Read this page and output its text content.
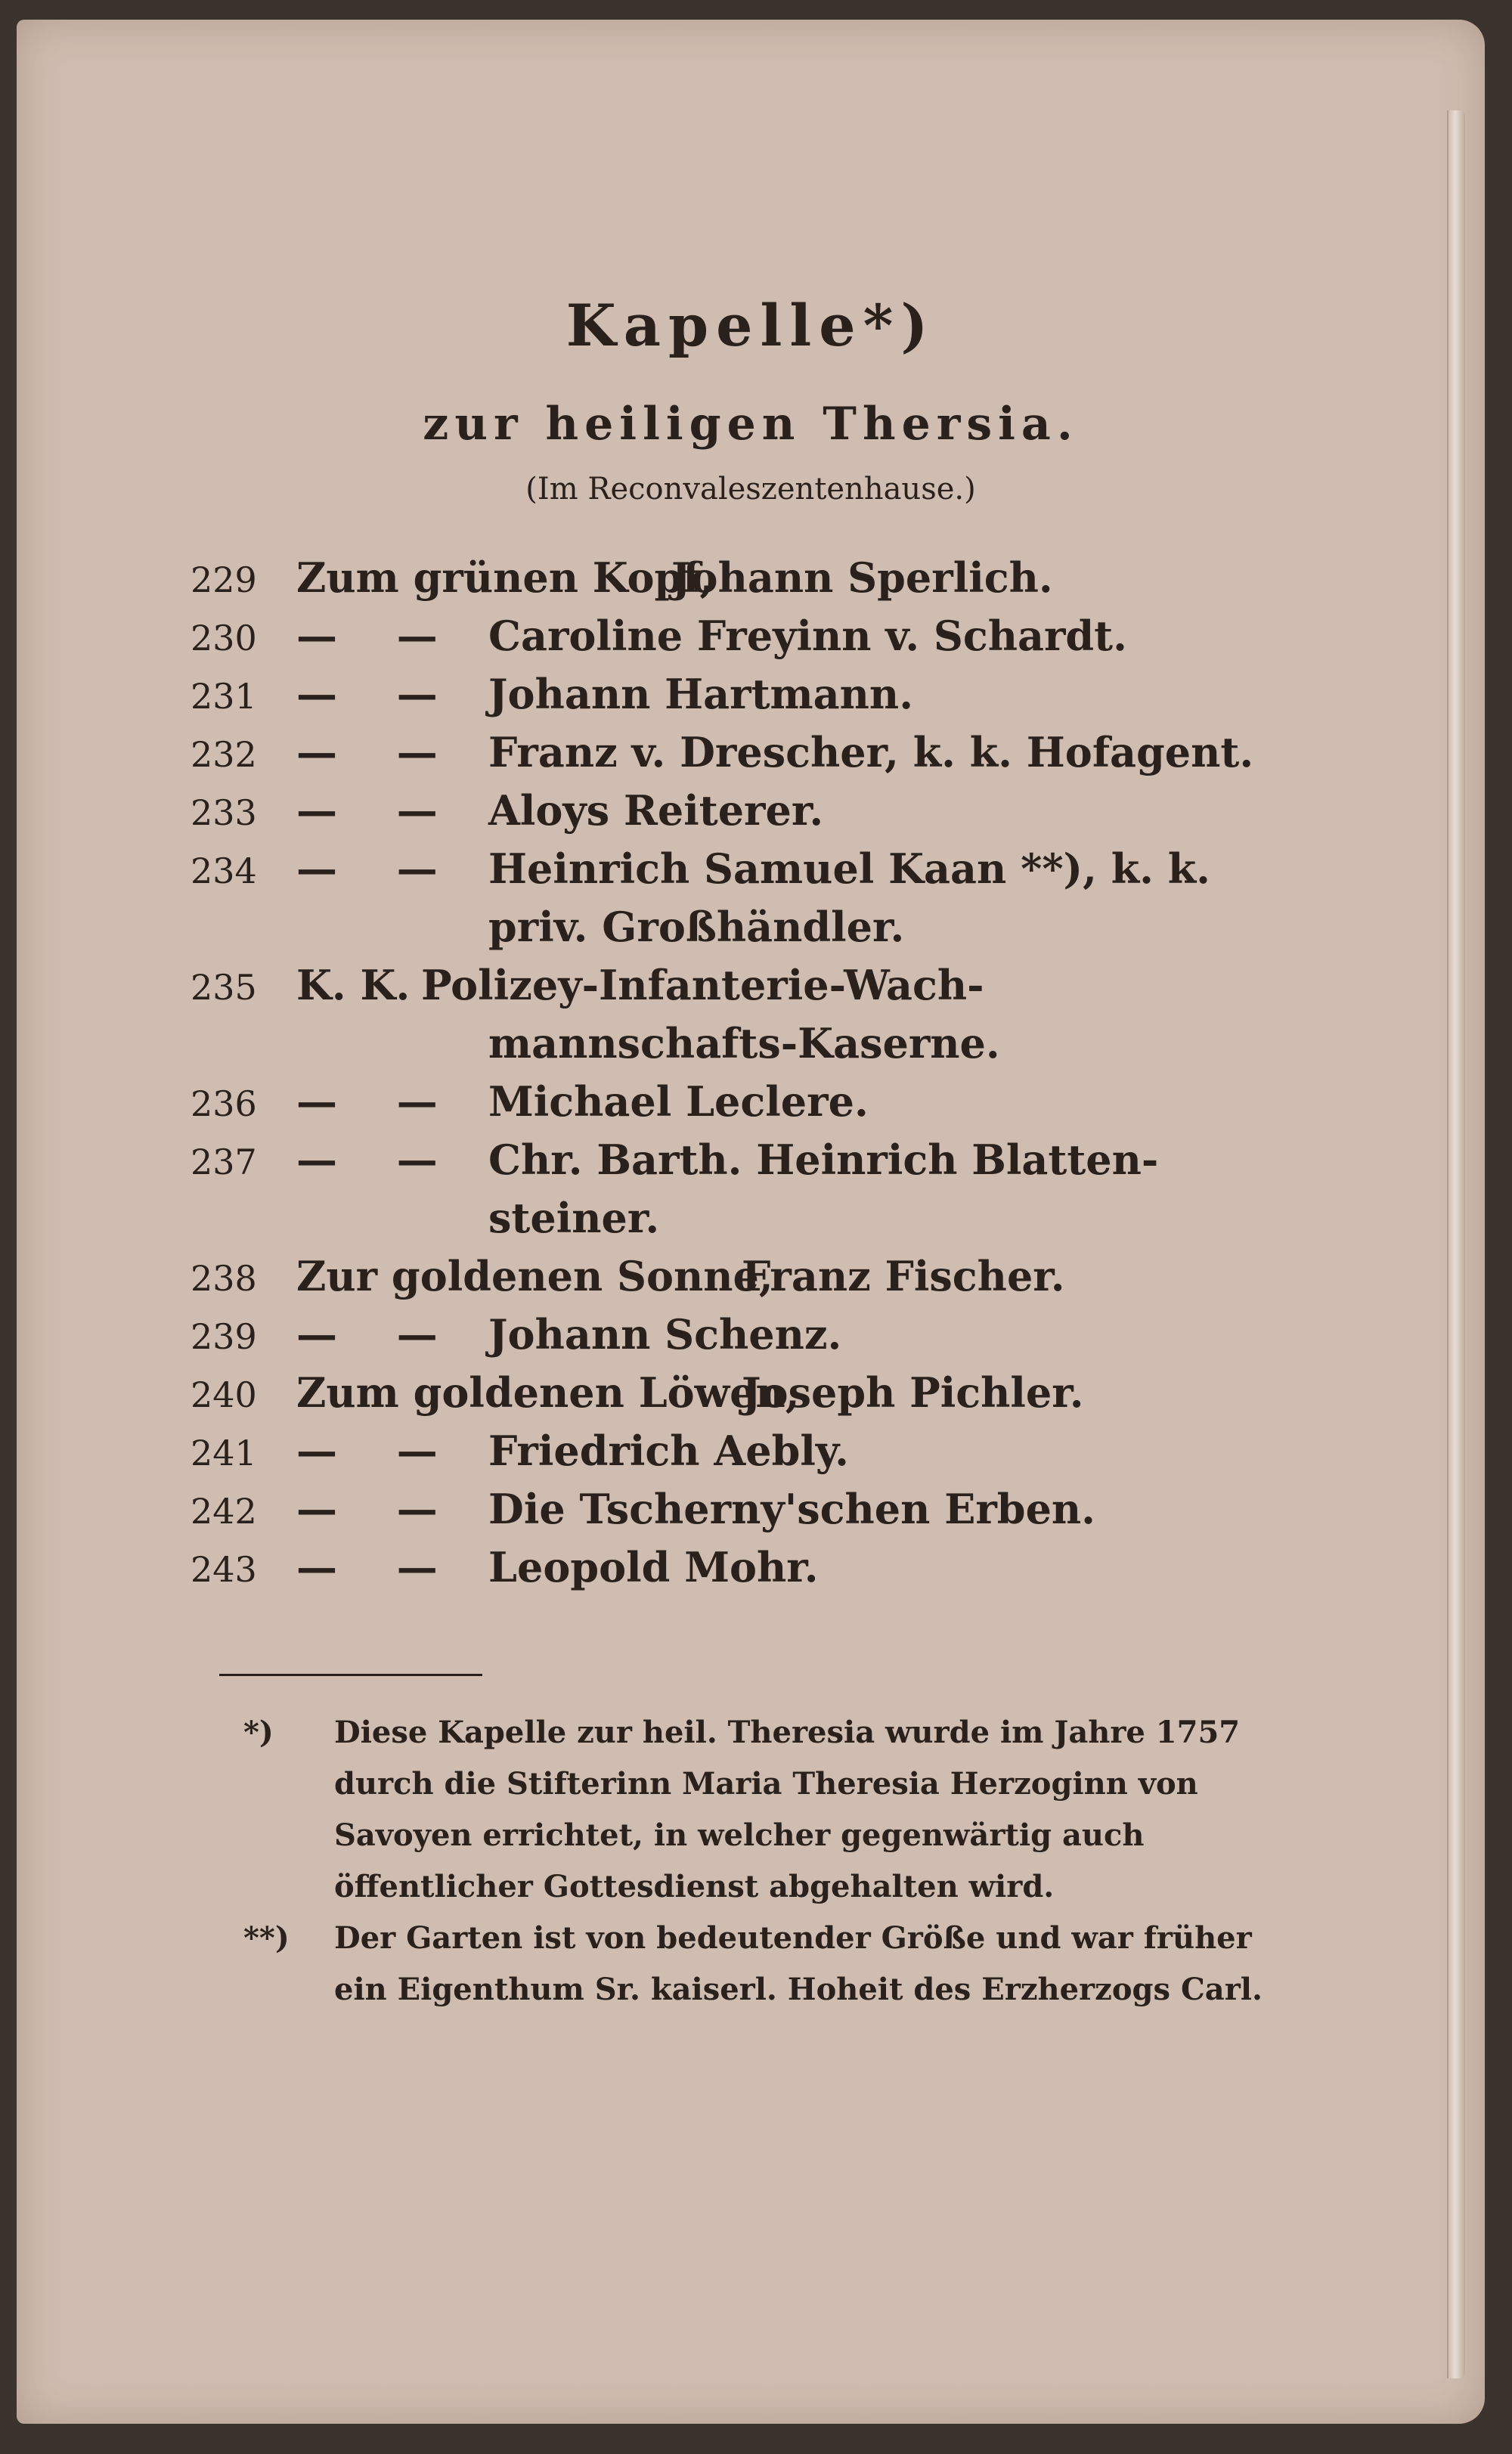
Kapelle*)
zur heiligen Thersia.
(Im Reconvaleszentenhause.)
229 Zum grünen Kopf,
Johann Sperlich.
230 — — Caroline Freyinn v. Schardt.
231 — — Johann Hartmann.
232 — — Franz v. Drescher, k. k. Hofagent.
233 — — Aloys Reiterer.
234 — — Heinrich Samuel Kaan **), k. k.
priv. Großhändler.
235 K. K. Polizey-Infanterie-Wach-
mannschafts-Kaserne.
236 — — Michael Leclere.
237 — — Chr. Barth. Heinrich Blatten-
steiner.
238 Zur goldenen Sonne,
Franz Fischer.
239 — — Johann Schenz.
240 Zum goldenen Löwen,
Joseph Pichler.
241 — — Friedrich Aebly.
242 — — Die Tscherny'schen Erben.
243 — — Leopold Mohr.
*) Diese Kapelle zur heil. Theresia wurde im Jahre 1757 durch die Stifterinn Maria Theresia Herzoginn von Savoyen errichtet, in welcher gegenwärtig auch öffentlicher Gottesdienst abgehalten wird.
**) Der Garten ist von bedeutender Größe und war früher ein Eigenthum Sr. kaiserl. Hoheit des Erzherzogs Carl.
